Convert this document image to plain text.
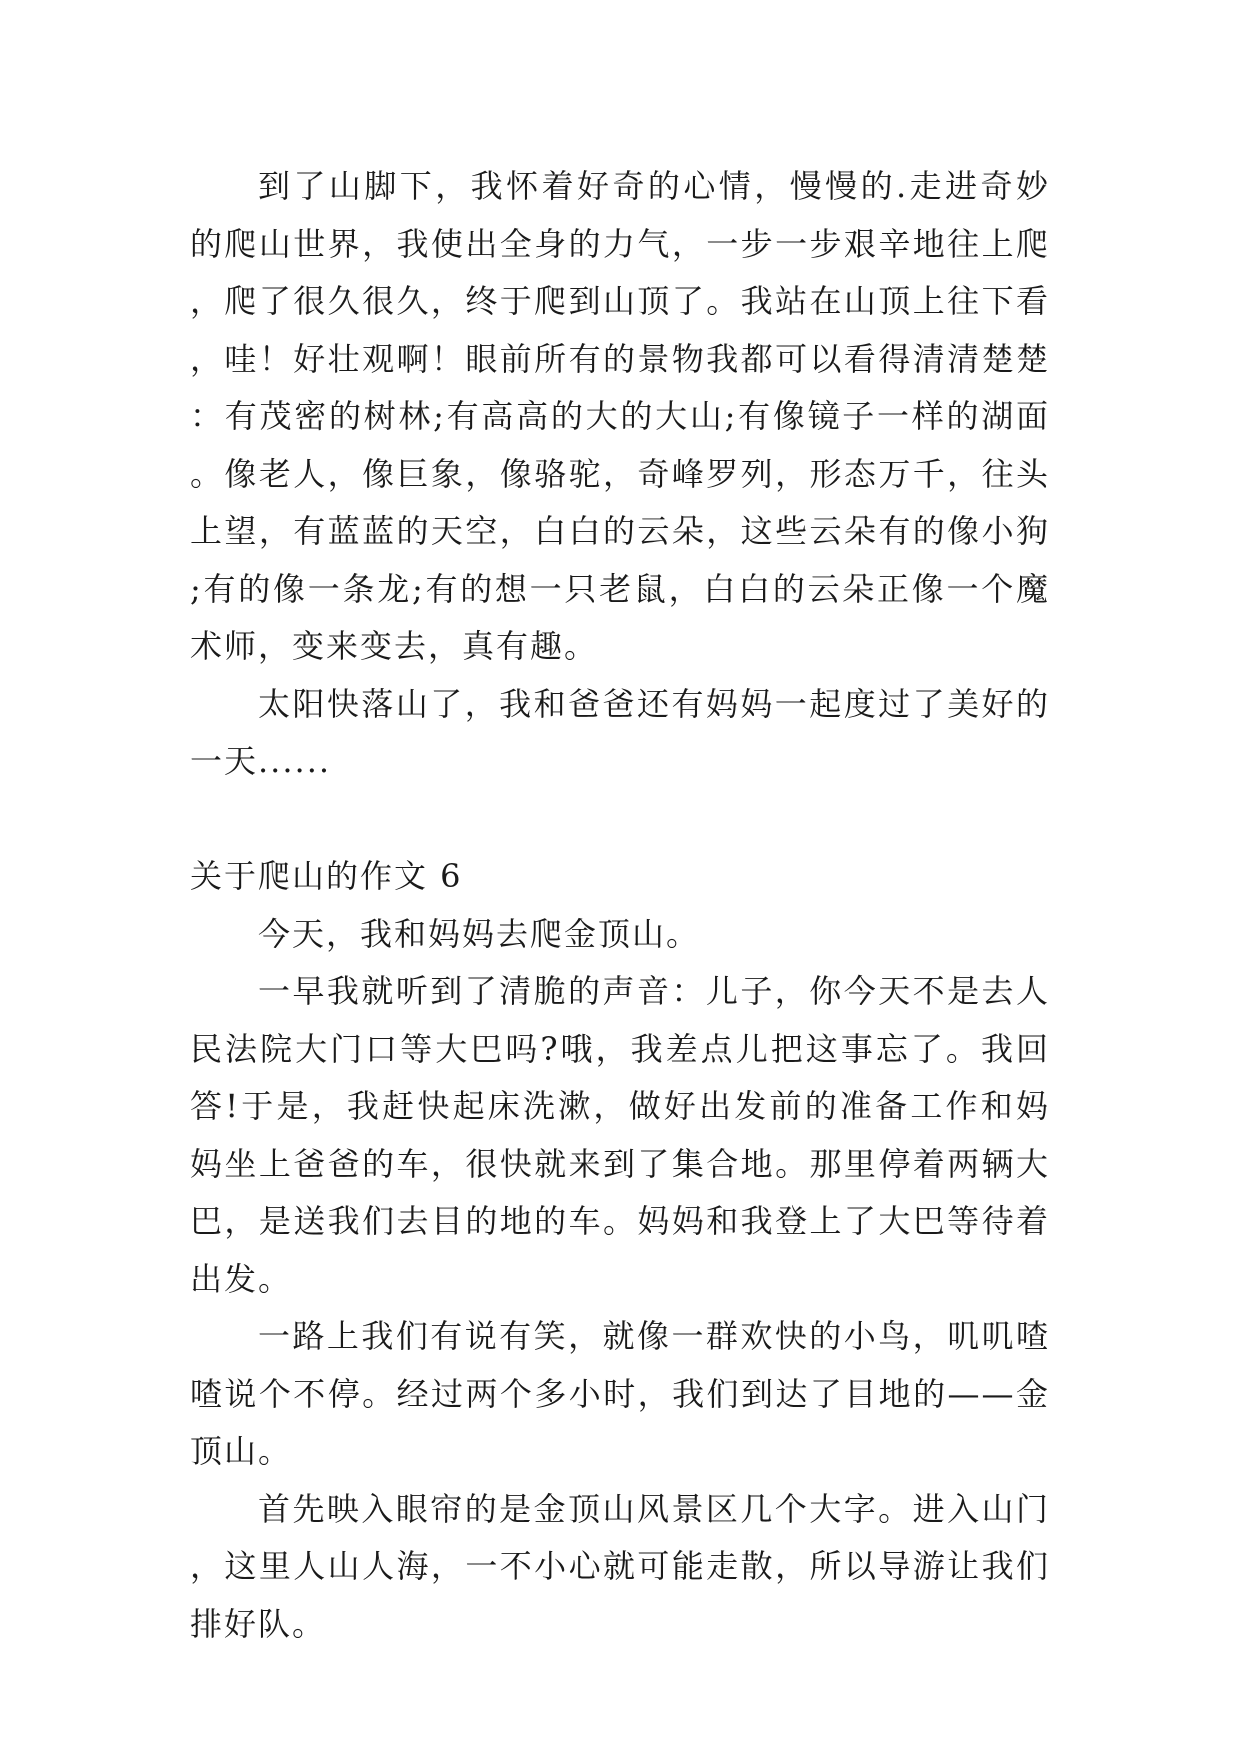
到了山脚下，我怀着好奇的心情，慢慢的.走进奇妙的爬山世界，我使出全身的力气，一步一步艰辛地往上爬，爬了很久很久，终于爬到山顶了。我站在山顶上往下看，哇！好壮观啊！眼前所有的景物我都可以看得清清楚楚：有茂密的树林;有高高的大的大山;有像镜子一样的湖面。像老人，像巨象，像骆驼，奇峰罗列，形态万千，往头上望，有蓝蓝的天空，白白的云朵，这些云朵有的像小狗;有的像一条龙;有的想一只老鼠，白白的云朵正像一个魔术师，变来变去，真有趣。

太阳快落山了，我和爸爸还有妈妈一起度过了美好的一天......

关于爬山的作文 6

今天，我和妈妈去爬金顶山。

一早我就听到了清脆的声音：儿子，你今天不是去人民法院大门口等大巴吗?哦，我差点儿把这事忘了。我回答!于是，我赶快起床洗漱，做好出发前的准备工作和妈妈坐上爸爸的车，很快就来到了集合地。那里停着两辆大巴，是送我们去目的地的车。妈妈和我登上了大巴等待着出发。

一路上我们有说有笑，就像一群欢快的小鸟，叽叽喳喳说个不停。经过两个多小时，我们到达了目地的——金顶山。

首先映入眼帘的是金顶山风景区几个大字。进入山门，这里人山人海，一不小心就可能走散，所以导游让我们排好队。
